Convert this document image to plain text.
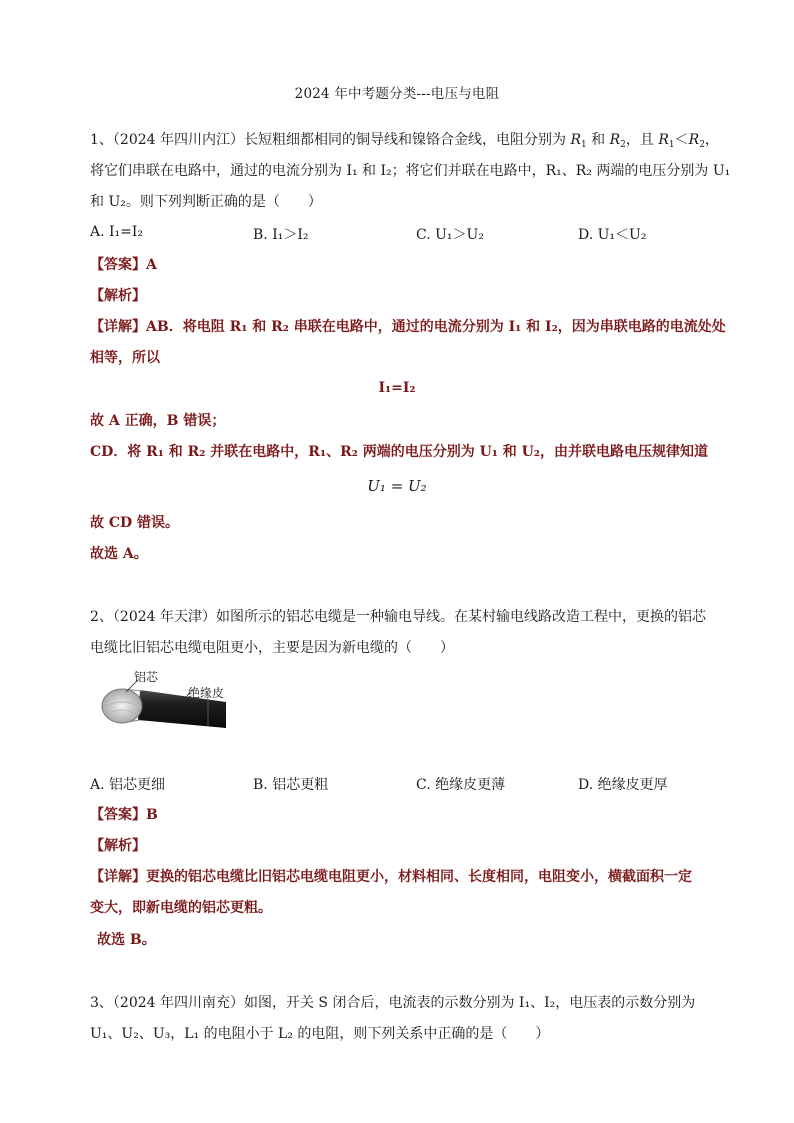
2024 年中考题分类---电压与电阻
1、（2024 年四川内江）长短粗细都相同的铜导线和镍铬合金线，电阻分别为 $R_1$ 和 $R_2$，且 $R_1<R_2$，
将它们串联在电路中，通过的电流分别为 I₁ 和 I₂；将它们并联在电路中，R₁、R₂ 两端的电压分别为 U₁
和 U₂。则下列判断正确的是（　　）
A. I₁=I₂	B. I₁＞I₂	C. U₁＞U₂	D. U₁＜U₂
【答案】A
【解析】
【详解】AB．将电阻 R₁ 和 R₂ 串联在电路中，通过的电流分别为 I₁ 和 I₂，因为串联电路的电流处处
相等，所以
I₁=I₂
故 A 正确，B 错误；
CD．将 R₁ 和 R₂ 并联在电路中，R₁、R₂ 两端的电压分别为 U₁ 和 U₂，由并联电路电压规律知道
U₁ = U₂
故 CD 错误。
故选 A。
2、（2024 年天津）如图所示的铝芯电缆是一种输电导线。在某村输电线路改造工程中，更换的铝芯
电缆比旧铝芯电缆电阻更小，主要是因为新电缆的（　　）
铝芯
绝缘皮
A. 铝芯更细	B. 铝芯更粗	C. 绝缘皮更薄	D. 绝缘皮更厚
【答案】B
【解析】
【详解】更换的铝芯电缆比旧铝芯电缆电阻更小，材料相同、长度相同，电阻变小，横截面积一定
变大，即新电缆的铝芯更粗。
故选 B。
3、（2024 年四川南充）如图，开关 S 闭合后，电流表的示数分别为 I₁、I₂，电压表的示数分别为
U₁、U₂、U₃，L₁ 的电阻小于 L₂ 的电阻，则下列关系中正确的是（　　）
